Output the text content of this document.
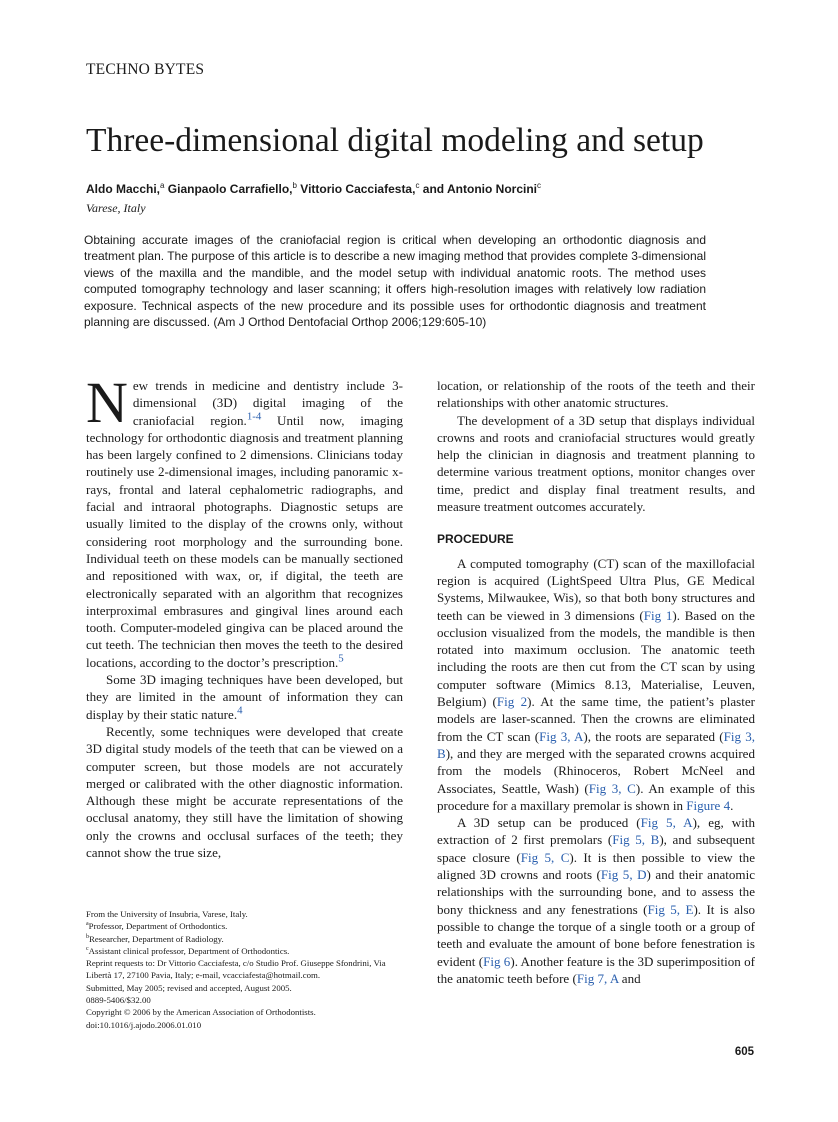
TECHNO BYTES
Three-dimensional digital modeling and setup
Aldo Macchi,$^a$ Gianpaolo Carrafiello,$^b$ Vittorio Cacciafesta,$^c$ and Antonio Norcini$^c$
Varese, Italy

Obtaining accurate images of the craniofacial region is critical when developing an orthodontic diagnosis and treatment plan. The purpose of this article is to describe a new imaging method that provides complete 3-dimensional views of the maxilla and the mandible, and the model setup with individual anatomic roots. The method uses computed tomography technology and laser scanning; it offers high-resolution images with relatively low radiation exposure. Technical aspects of the new procedure and its possible uses for orthodontic diagnosis and treatment planning are discussed. (Am J Orthod Dentofacial Orthop 2006;129:605-10)

New trends in medicine and dentistry include 3-dimensional (3D) digital imaging of the craniofacial region.$^{1-4}$ Until now, imaging technology for orthodontic diagnosis and treatment planning has been largely confined to 2 dimensions. Clinicians today routinely use 2-dimensional images, including panoramic x-rays, frontal and lateral cephalometric radiographs, and facial and intraoral photographs. Diagnostic setups are usually limited to the display of the crowns only, without considering root morphology and the surrounding bone. Individual teeth on these models can be manually sectioned and repositioned with wax, or, if digital, the teeth are electronically separated with an algorithm that recognizes interproximal embrasures and gingival lines around each tooth. Computer-modeled gingiva can be placed around the cut teeth. The technician then moves the teeth to the desired locations, according to the doctor’s prescription.$^5$

Some 3D imaging techniques have been developed, but they are limited in the amount of information they can display by their static nature.$^4$

Recently, some techniques were developed that create 3D digital study models of the teeth that can be viewed on a computer screen, but those models are not accurately merged or calibrated with the other diagnostic information. Although these might be accurate representations of the occlusal anatomy, they still have the limitation of showing only the crowns and occlusal surfaces of the teeth; they cannot show the true size,

location, or relationship of the roots of the teeth and their relationships with other anatomic structures.

The development of a 3D setup that displays individual crowns and roots and craniofacial structures would greatly help the clinician in diagnosis and treatment planning to determine various treatment options, monitor changes over time, predict and display final treatment results, and measure treatment outcomes accurately.

PROCEDURE

A computed tomography (CT) scan of the maxillofacial region is acquired (LightSpeed Ultra Plus, GE Medical Systems, Milwaukee, Wis), so that both bony structures and teeth can be viewed in 3 dimensions (Fig 1). Based on the occlusion visualized from the models, the mandible is then rotated into maximum occlusion. The anatomic teeth including the roots are then cut from the CT scan by using computer software (Mimics 8.13, Materialise, Leuven, Belgium) (Fig 2). At the same time, the patient’s plaster models are laser-scanned. Then the crowns are eliminated from the CT scan (Fig 3, A), the roots are separated (Fig 3, B), and they are merged with the separated crowns acquired from the models (Rhinoceros, Robert McNeel and Associates, Seattle, Wash) (Fig 3, C). An example of this procedure for a maxillary premolar is shown in Figure 4.

A 3D setup can be produced (Fig 5, A), eg, with extraction of 2 first premolars (Fig 5, B), and subsequent space closure (Fig 5, C). It is then possible to view the aligned 3D crowns and roots (Fig 5, D) and their anatomic relationships with the surrounding bone, and to assess the bony thickness and any fenestrations (Fig 5, E). It is also possible to change the torque of a single tooth or a group of teeth and evaluate the amount of bone before fenestration is evident (Fig 6). Another feature is the 3D superimposition of the anatomic teeth before (Fig 7, A and

From the University of Insubria, Varese, Italy.
$^a$Professor, Department of Orthodontics.
$^b$Researcher, Department of Radiology.
$^c$Assistant clinical professor, Department of Orthodontics.
Reprint requests to: Dr Vittorio Cacciafesta, c/o Studio Prof. Giuseppe Sfondrini, Via Libertà 17, 27100 Pavia, Italy; e-mail, vcacciafesta@hotmail.com.
Submitted, May 2005; revised and accepted, August 2005.
0889-5406/$32.00
Copyright © 2006 by the American Association of Orthodontists.
doi:10.1016/j.ajodo.2006.01.010
605
